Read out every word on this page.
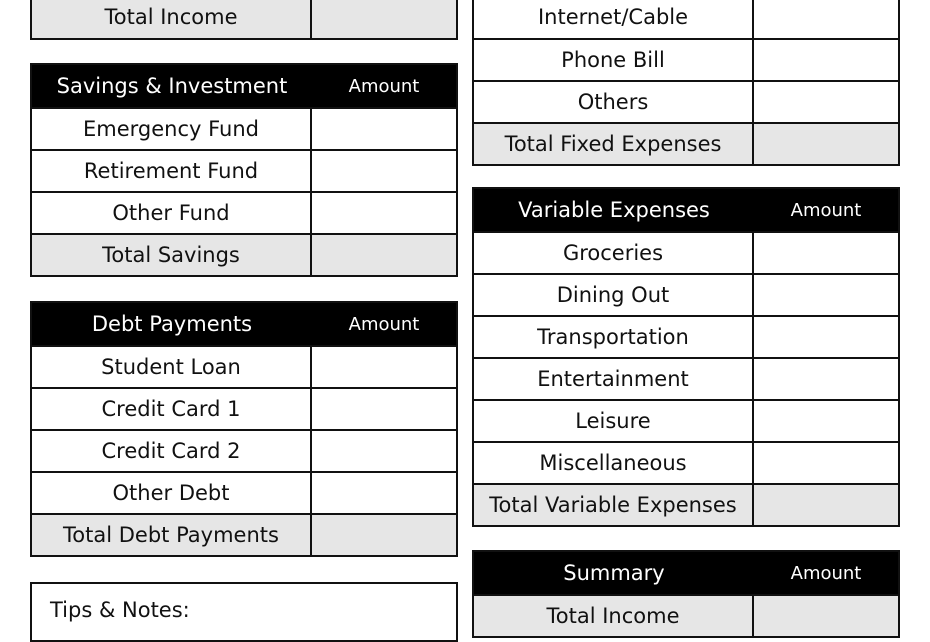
Total Income
Savings & Investment	Amount
Emergency Fund
Retirement Fund
Other Fund
Total Savings
Debt Payments	Amount
Student Loan
Credit Card 1
Credit Card 2
Other Debt
Total Debt Payments
Tips & Notes:
Internet/Cable
Phone Bill
Others
Total Fixed Expenses
Variable Expenses	Amount
Groceries
Dining Out
Transportation
Entertainment
Leisure
Miscellaneous
Total Variable Expenses
Summary	Amount
Total Income
